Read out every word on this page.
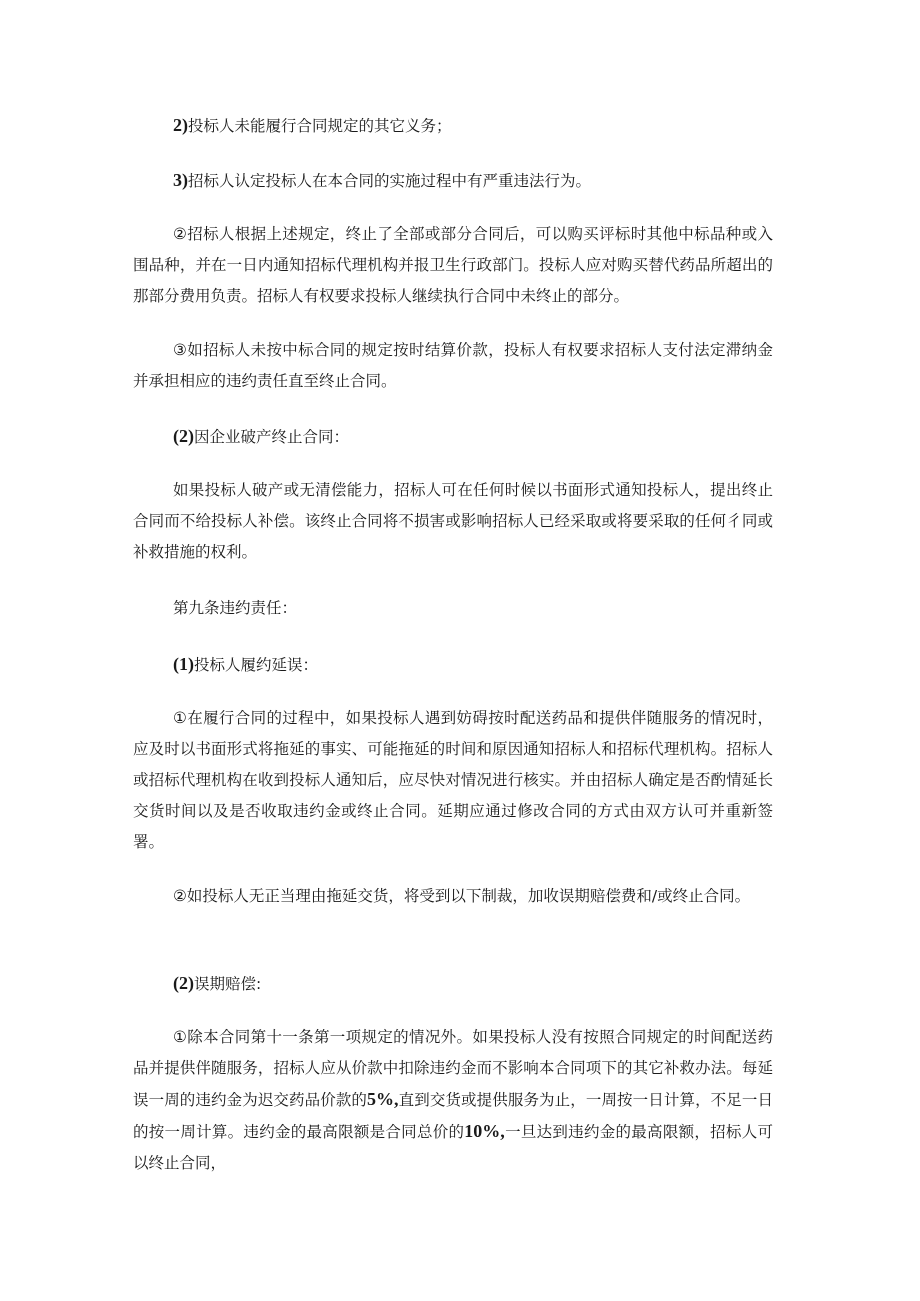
2)投标人未能履行合同规定的其它义务；

3)招标人认定投标人在本合同的实施过程中有严重违法行为。

②招标人根据上述规定，终止了全部或部分合同后，可以购买评标时其他中标品种或入围品种，并在一日内通知招标代理机构并报卫生行政部门。投标人应对购买替代药品所超出的那部分费用负责。招标人有权要求投标人继续执行合同中未终止的部分。

③如招标人未按中标合同的规定按时结算价款，投标人有权要求招标人支付法定滞纳金并承担相应的违约责任直至终止合同。

(2)因企业破产终止合同：

如果投标人破产或无清偿能力，招标人可在任何时候以书面形式通知投标人，提出终止合同而不给投标人补偿。该终止合同将不损害或影响招标人已经采取或将要采取的任何彳同或补救措施的权利。

第九条违约责任：

(1)投标人履约延误：

①在履行合同的过程中，如果投标人遇到妨碍按时配送药品和提供伴随服务的情况时，应及时以书面形式将拖延的事实、可能拖延的时间和原因通知招标人和招标代理机构。招标人或招标代理机构在收到投标人通知后，应尽快对情况进行核实。并由招标人确定是否酌情延长交货时间以及是否收取违约金或终止合同。延期应通过修改合同的方式由双方认可并重新签署。

②如投标人无正当理由拖延交货，将受到以下制裁，加收误期赔偿费和/或终止合同。

(2)误期赔偿:

①除本合同第十一条第一项规定的情况外。如果投标人没有按照合同规定的时间配送药品并提供伴随服务，招标人应从价款中扣除违约金而不影响本合同项下的其它补救办法。每延误一周的违约金为迟交药品价款的5%,直到交货或提供服务为止，一周按一日计算，不足一日的按一周计算。违约金的最高限额是合同总价的10%,一旦达到违约金的最高限额，招标人可以终止合同，
